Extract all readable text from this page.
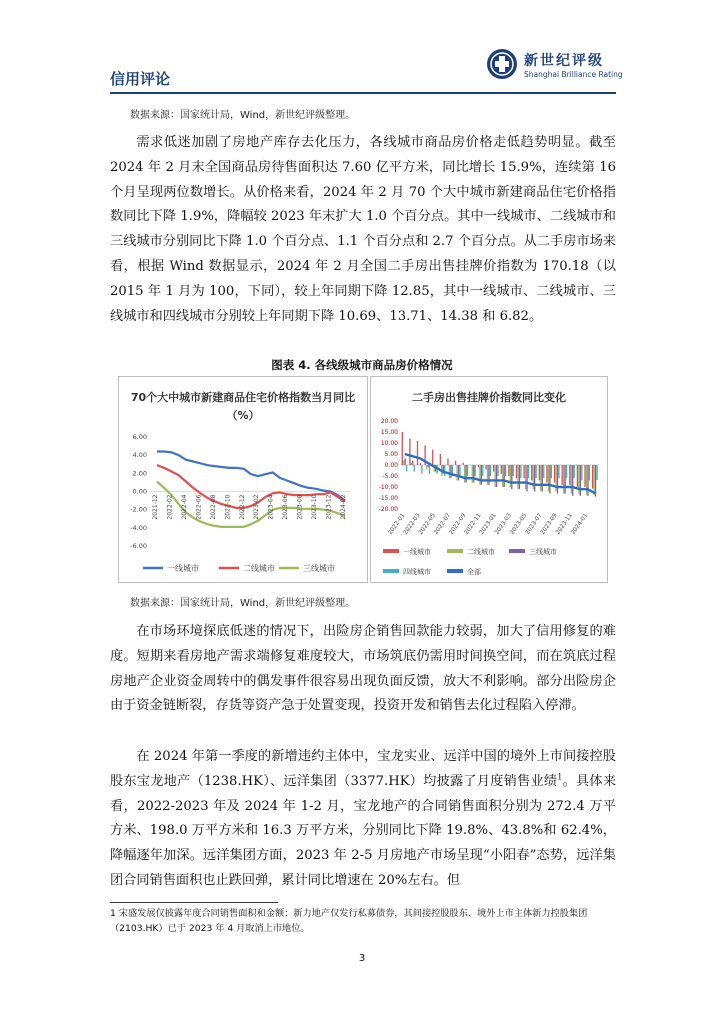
信用评论
新世纪评级
Shanghai Brilliance Rating
数据来源：国家统计局，Wind，新世纪评级整理。

需求低迷加剧了房地产库存去化压力，各线城市商品房价格走低趋势明显。截至 2024 年 2 月末全国商品房待售面积达 7.60 亿平方米，同比增长 15.9%，连续第 16 个月呈现两位数增长。从价格来看，2024 年 2 月 70 个大中城市新建商品住宅价格指数同比下降 1.9%，降幅较 2023 年末扩大 1.0 个百分点。其中一线城市、二线城市和三线城市分别同比下降 1.0 个百分点、1.1 个百分点和 2.7 个百分点。从二手房市场来看，根据 Wind 数据显示，2024 年 2 月全国二手房出售挂牌价指数为 170.18（以 2015 年 1 月为 100，下同），较上年同期下降 12.85，其中一线城市、二线城市、三线城市和四线城市分别较上年同期下降 10.69、13.71、14.38 和 6.82。

图表 4. 各线级城市商品房价格情况
70个大中城市新建商品住宅价格指数当月同比（%）
6.00
4.00
2.00
0.00
-2.00
-4.00
-6.00
2021-12 2022-02 2022-04 2022-06 2022-08 2022-10 2022-12 2023-02 2023-04 2023-06 2023-08 2023-10 2023-12 2024-02
一线城市	二线城市	三线城市
二手房出售挂牌价指数同比变化
20.00
15.00
10.00
5.00
0.00
-5.00
-10.00
-15.00
-20.00
2022-01
2022-03
2022-05
2022-07
2022-09
2022-11
2023-01
2023-03
2023-05
2023-07
2023-09
2023-11
2024-01
一线城市	二线城市	三线城市
四线城市	全部
数据来源：国家统计局，Wind，新世纪评级整理。

在市场环境探底低迷的情况下，出险房企销售回款能力较弱，加大了信用修复的难度。短期来看房地产需求端修复难度较大，市场筑底仍需用时间换空间，而在筑底过程房地产企业资金周转中的偶发事件很容易出现负面反馈，放大不利影响。部分出险房企由于资金链断裂，存货等资产急于处置变现，投资开发和销售去化过程陷入停滞。

在 2024 年第一季度的新增违约主体中，宝龙实业、远洋中国的境外上市间接控股股东宝龙地产（1238.HK）、远洋集团（3377.HK）均披露了月度销售业绩$^1$。具体来看，2022-2023 年及 2024 年 1-2 月，宝龙地产的合同销售面积分别为 272.4 万平方米、198.0 万平方米和 16.3 万平方米，分别同比下降 19.8%、43.8%和 62.4%，降幅逐年加深。远洋集团方面，2023 年 2-5 月房地产市场呈现“小阳春”态势，远洋集团合同销售面积也止跌回弹，累计同比增速在 20%左右。但

1 宋盛发展仅披露年度合同销售面积和金额；新力地产仅发行私募债券，其间接控股股东、境外上市主体新力控股集团（2103.HK）已于 2023 年 4 月取消上市地位。
3
